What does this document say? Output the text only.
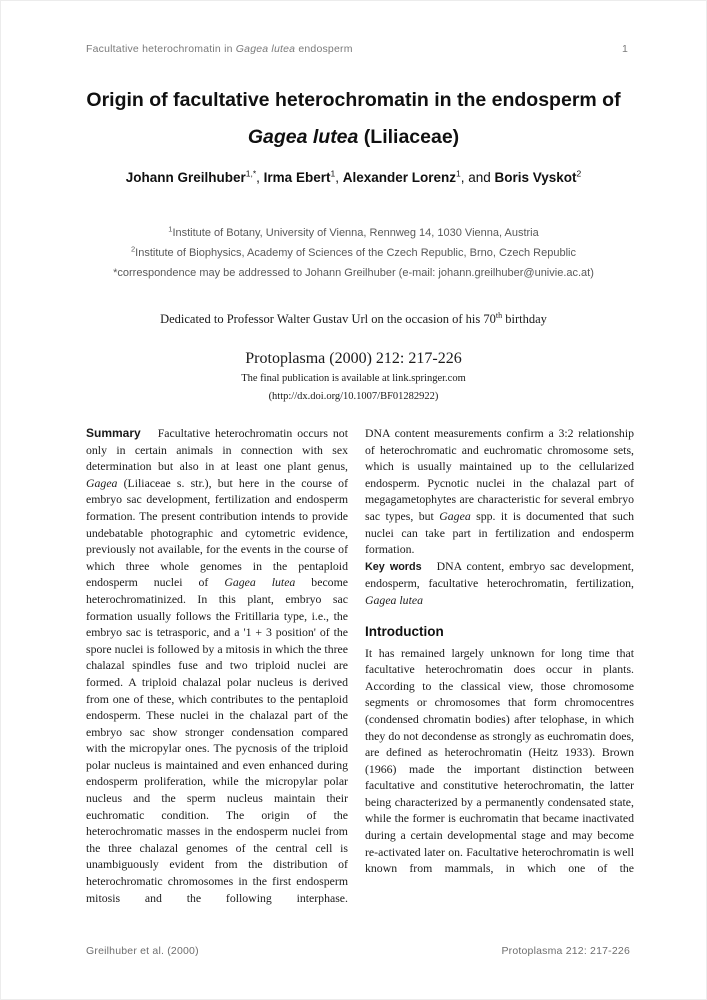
Facultative heterochromatin in Gagea lutea endosperm	1
Origin of facultative heterochromatin in the endosperm of
Gagea lutea (Liliaceae)
Johann Greilhuber$^{1,*}$, Irma Ebert$^1$, Alexander Lorenz$^1$, and Boris Vyskot$^2$
$^1$Institute of Botany, University of Vienna, Rennweg 14, 1030 Vienna, Austria
$^2$Institute of Biophysics, Academy of Sciences of the Czech Republic, Brno, Czech Republic
*correspondence may be addressed to Johann Greilhuber (e-mail: johann.greilhuber@univie.ac.at)
Dedicated to Professor Walter Gustav Url on the occasion of his 70th birthday
Protoplasma (2000) 212: 217-226
The final publication is available at link.springer.com
(http://dx.doi.org/10.1007/BF01282922)

Summary Facultative heterochromatin occurs not only in certain animals in connection with sex determination but also in at least one plant genus, Gagea (Liliaceae s. str.), but here in the course of embryo sac development, fertilization and endosperm formation. The present contribution intends to provide undebatable photographic and cytometric evidence, previously not available, for the events in the course of which three whole genomes in the pentaploid endosperm nuclei of Gagea lutea become heterochromatinized. In this plant, embryo sac formation usually follows the Fritillaria type, i.e., the embryo sac is tetrasporic, and a '1 + 3 position' of the spore nuclei is followed by a mitosis in which the three chalazal spindles fuse and two triploid nuclei are formed. A triploid chalazal polar nucleus is derived from one of these, which contributes to the pentaploid endosperm. These nuclei in the chalazal part of the embryo sac show stronger condensation compared with the micropylar ones. The pycnosis of the triploid polar nucleus is maintained and even enhanced during endosperm proliferation, while the micropylar polar nucleus and the sperm nucleus maintain their euchromatic condition. The origin of the heterochromatic masses in the endosperm nuclei from the three chalazal genomes of the central cell is unambiguously evident from the distribution of heterochromatic chromosomes in the first endosperm mitosis and the following interphase.

DNA content measurements confirm a 3:2 relationship of heterochromatic and euchromatic chromosome sets, which is usually maintained up to the cellularized endosperm. Pycnotic nuclei in the chalazal part of megagametophytes are characteristic for several embryo sac types, but Gagea spp. it is documented that such nuclei can take part in fertilization and endosperm formation.

Key words DNA content, embryo sac development, endosperm, facultative heterochromatin, fertilization, Gagea lutea

Introduction

It has remained largely unknown for long time that facultative heterochromatin does occur in plants. According to the classical view, those chromosome segments or chromosomes that form chromocentres (condensed chromatin bodies) after telophase, in which they do not decondense as strongly as euchromatin does, are defined as heterochromatin (Heitz 1933). Brown (1966) made the important distinction between facultative and constitutive heterochromatin, the latter being characterized by a permanently condensated state, while the former is euchromatin that became inactivated during a certain developmental stage and may become re-activated later on. Facultative heterochromatin is well known from mammals, in which one of the

Greilhuber et al. (2000)	Protoplasma 212: 217-226
